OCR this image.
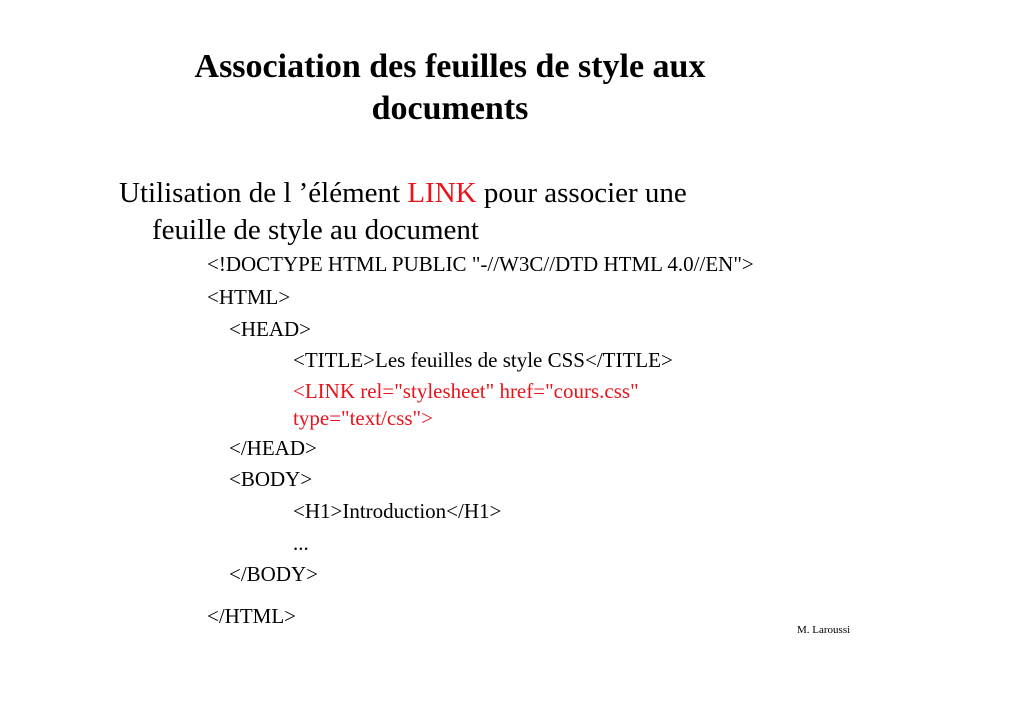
Association des feuilles de style aux
documents
Utilisation de l ’élément LINK pour associer une
feuille de style au document
<!DOCTYPE HTML PUBLIC "-//W3C//DTD HTML 4.0//EN">
<HTML>
<HEAD>
<TITLE>Les feuilles de style CSS</TITLE>
<LINK rel="stylesheet" href="cours.css"
type="text/css">
</HEAD>
<BODY>
<H1>Introduction</H1>
...
</BODY>
</HTML>
M. Laroussi
